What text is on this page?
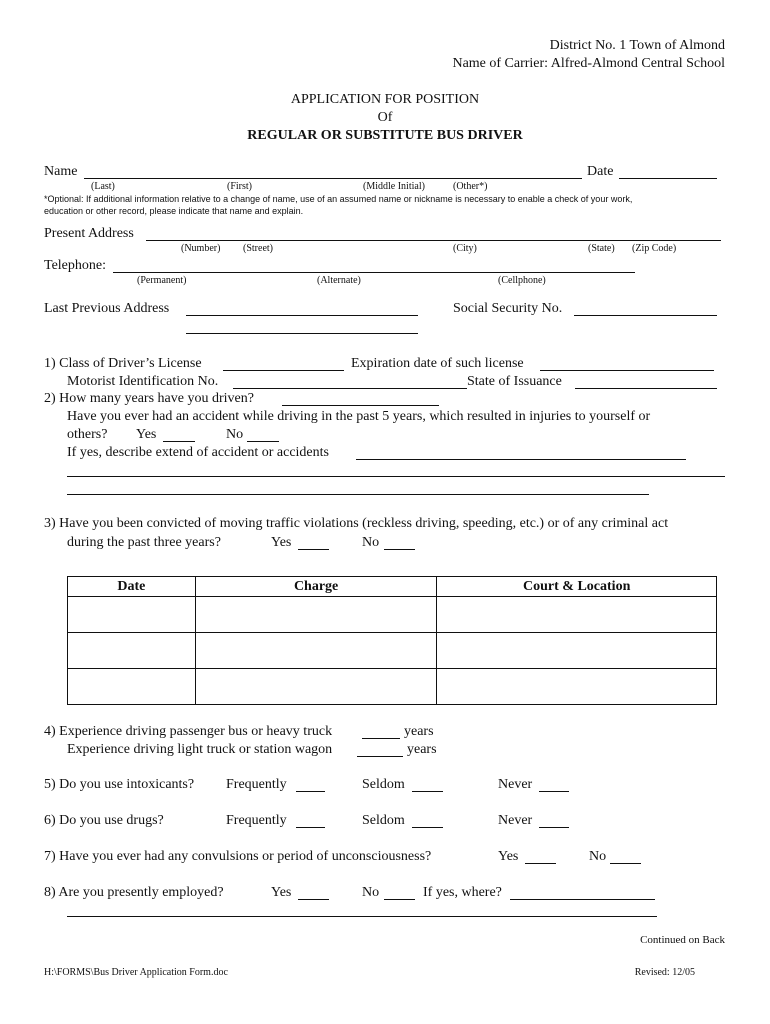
District No. 1 Town of Almond
Name of Carrier: Alfred-Almond Central School
APPLICATION FOR POSITION
Of
REGULAR OR SUBSTITUTE BUS DRIVER
Name	Date
(Last)	(First)	(Middle Initial)	(Other*)
*Optional: If additional information relative to a change of name, use of an assumed name or nickname is necessary to enable a check of your work,
education or other record, please indicate that name and explain.
Present Address
(Number) (Street)	(City)	(State) (Zip Code)
Telephone:
(Permanent)	(Alternate)	(Cellphone)
Last Previous Address	Social Security No.
1) Class of Driver’s License	Expiration date of such license
Motorist Identification No.	State of Issuance
2) How many years have you driven?
Have you ever had an accident while driving in the past 5 years, which resulted in injuries to yourself or
others? Yes	No
If yes, describe extend of accident or accidents
3) Have you been convicted of moving traffic violations (reckless driving, speeding, etc.) or of any criminal act
during the past three years?	Yes	No
Date	Charge	Court & Location

4) Experience driving passenger bus or heavy truck	years
Experience driving light truck or station wagon	years
5) Do you use intoxicants? Frequently	Seldom	Never
6) Do you use drugs?	Frequently	Seldom	Never
7) Have you ever had any convulsions or period of unconsciousness?	Yes	No
8) Are you presently employed?	Yes	No	If yes, where?
Continued on Back
H:\FORMS\Bus Driver Application Form.doc	Revised: 12/05
